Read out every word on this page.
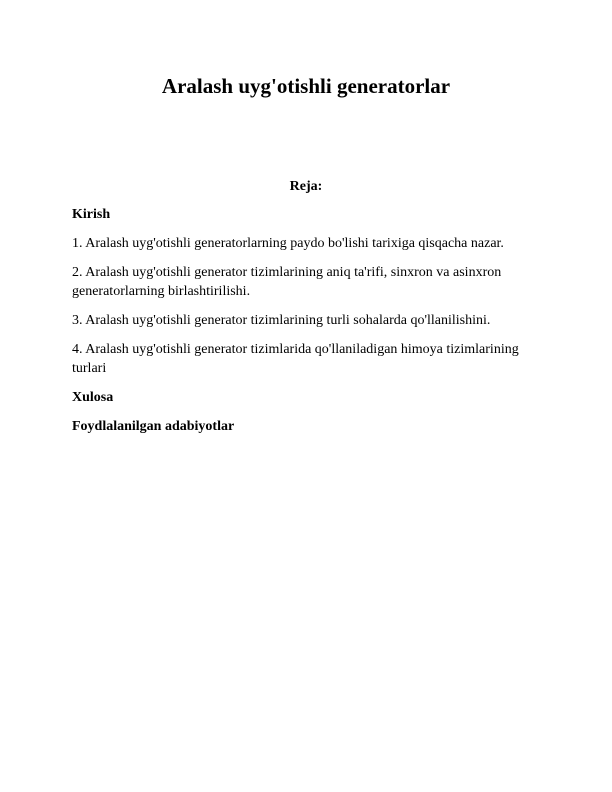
Aralash uyg'otishli generatorlar

Reja:

Kirish

1. Aralash uyg'otishli generatorlarning paydo bo'lishi tarixiga qisqacha nazar.

2. Aralash uyg'otishli generator tizimlarining aniq ta'rifi, sinxron va asinxron generatorlarning birlashtirilishi.

3. Aralash uyg'otishli generator tizimlarining turli sohalarda qo'llanilishini.

4. Aralash uyg'otishli generator tizimlarida qo'llaniladigan himoya tizimlarining turlari

Xulosa

Foydlalanilgan adabiyotlar
